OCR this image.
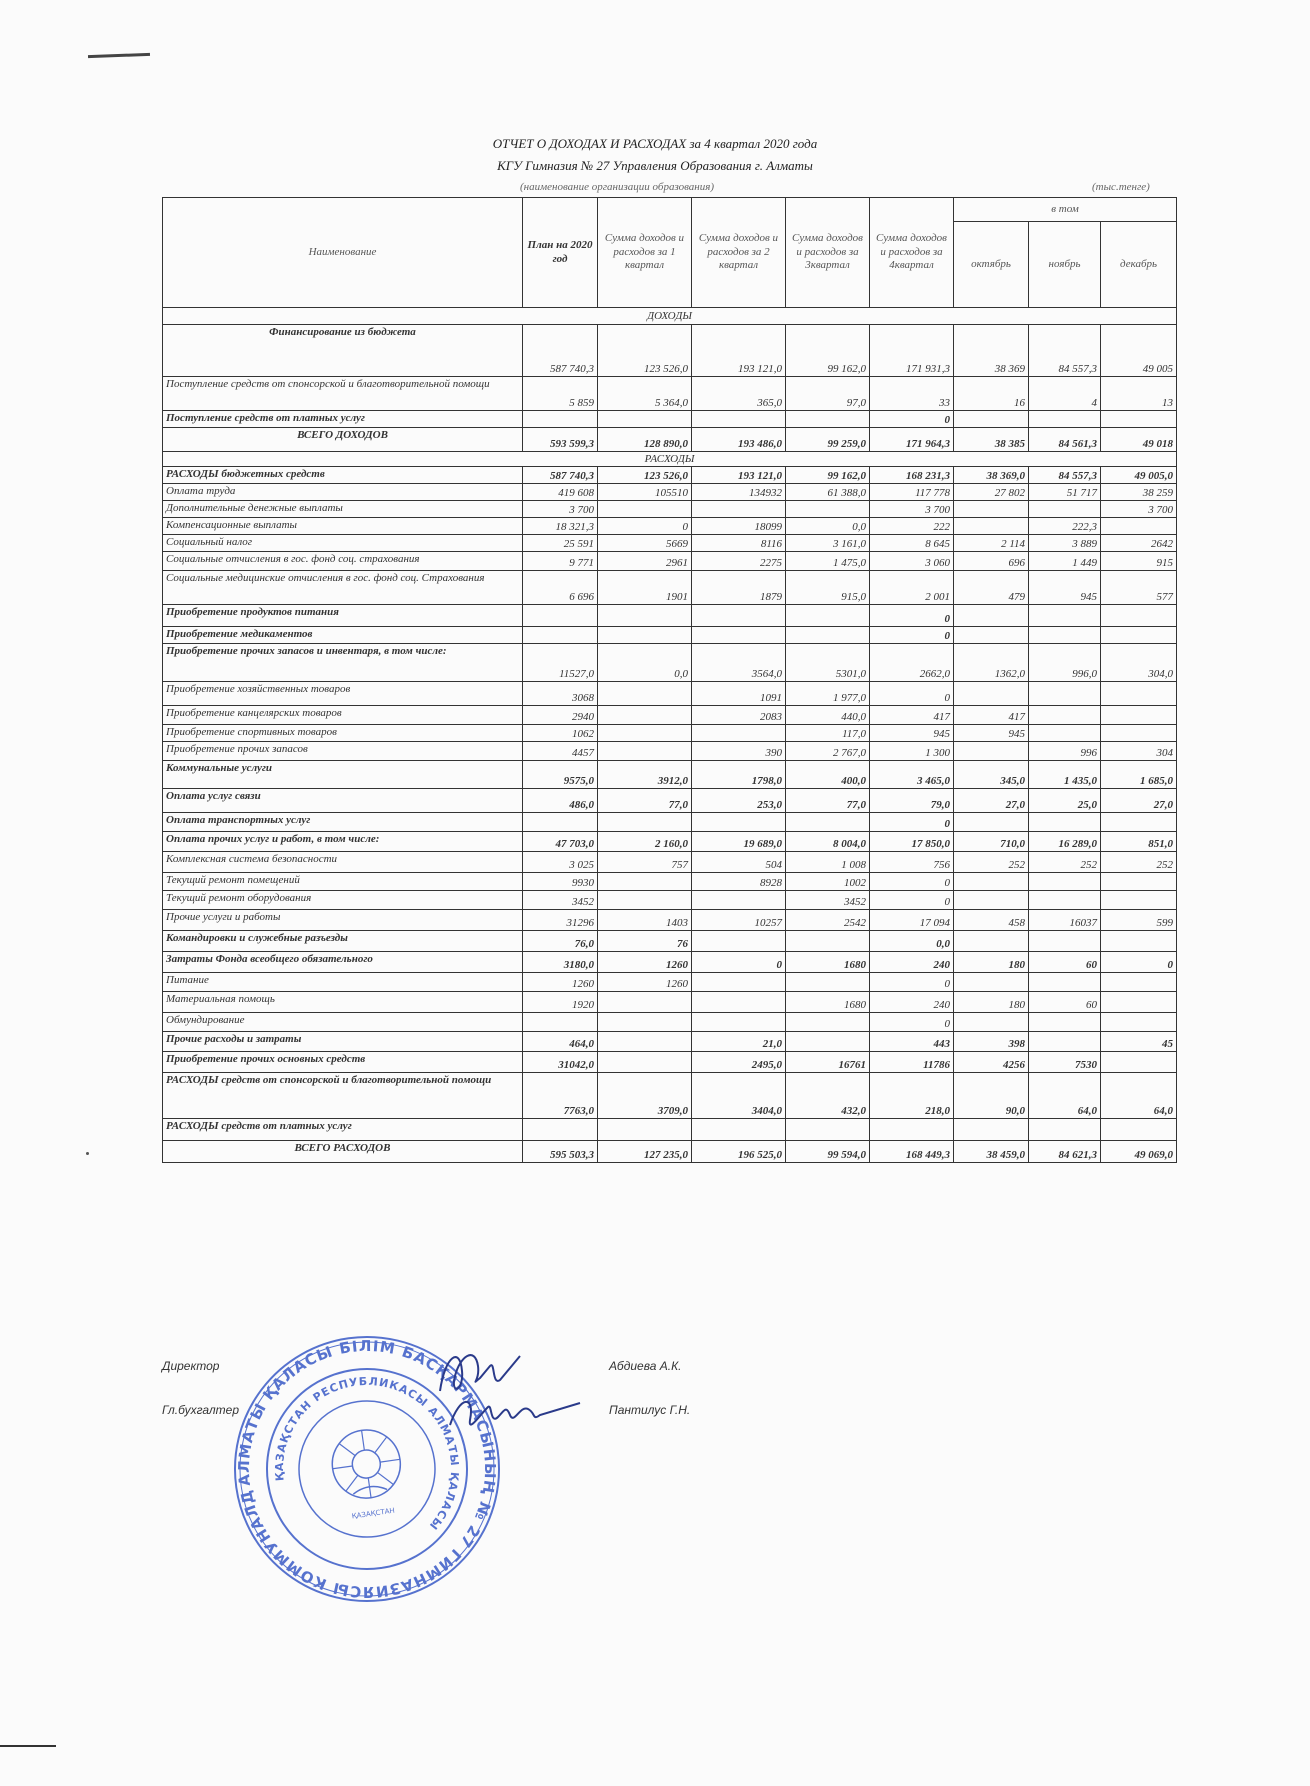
ОТЧЕТ О ДОХОДАХ И РАСХОДАХ за 4 квартал 2020 года
КГУ Гимназия № 27 Управления Образования г. Алматы
(наименование организации образования)	(тыс.тенге)
Наименование	План на 2020 год	Сумма доходов и расходов за 1 квартал	Сумма доходов и расходов за 2 квартал	Сумма доходов и расходов за 3квартал	Сумма доходов и расходов за 4квартал	в том		
						октябрь	ноябрь	декабрь
ДОХОДЫ								
Финансирование из бюджета	587 740,3	123 526,0	193 121,0	99 162,0	171 931,3	38 369	84 557,3	49 005
Поступление средств от спонсорской и благотворительной помощи	5 859	5 364,0	365,0	97,0	33	16	4	13
Поступление средств от платных услуг					0			
ВСЕГО ДОХОДОВ	593 599,3	128 890,0	193 486,0	99 259,0	171 964,3	38 385	84 561,3	49 018
РАСХОДЫ								
РАСХОДЫ бюджетных средств	587 740,3	123 526,0	193 121,0	99 162,0	168 231,3	38 369,0	84 557,3	49 005,0
Оплата труда	419 608	105510	134932	61 388,0	117 778	27 802	51 717	38 259
Дополнительные денежные выплаты	3 700				3 700			3 700
Компенсационные выплаты	18 321,3	0	18099	0,0	222		222,3	
Социальный налог	25 591	5669	8116	3 161,0	8 645	2 114	3 889	2642
Социальные отчисления в гос. фонд соц. страхования	9 771	2961	2275	1 475,0	3 060	696	1 449	915
Социальные медицинские отчисления в гос. фонд соц. Страхования	6 696	1901	1879	915,0	2 001	479	945	577
Приобретение продуктов питания					0			
Приобретение медикаментов					0			
Приобретение прочих запасов и инвентаря, в том числе:	11527,0	0,0	3564,0	5301,0	2662,0	1362,0	996,0	304,0
Приобретение хозяйственных товаров	3068		1091	1 977,0	0			
Приобретение канцелярских товаров	2940		2083	440,0	417	417		
Приобретение спортивных товаров	1062			117,0	945	945		
Приобретение прочих запасов	4457		390	2 767,0	1 300		996	304
Коммунальные услуги	9575,0	3912,0	1798,0	400,0	3 465,0	345,0	1 435,0	1 685,0
Оплата услуг связи	486,0	77,0	253,0	77,0	79,0	27,0	25,0	27,0
Оплата транспортных услуг					0			
Оплата прочих услуг и работ, в том числе:	47 703,0	2 160,0	19 689,0	8 004,0	17 850,0	710,0	16 289,0	851,0
Комплексная система безопасности	3 025	757	504	1 008	756	252	252	252
Текущий ремонт помещений	9930		8928	1002	0			
Текущий ремонт оборудования	3452			3452	0			
Прочие услуги и работы	31296	1403	10257	2542	17 094	458	16037	599
Командировки и служебные разъезды	76,0	76			0,0			
Затраты Фонда всеобщего обязательного	3180,0	1260	0	1680	240	180	60	0
Питание	1260	1260			0			
Материальная помощь	1920			1680	240	180	60	
Обмундирование					0			
Прочие расходы и затраты	464,0		21,0		443	398		45
Приобретение прочих основных средств	31042,0		2495,0	16761	11786	4256	7530	
РАСХОДЫ средств от спонсорской и благотворительной помощи	7763,0	3709,0	3404,0	432,0	218,0	90,0	64,0	64,0
РАСХОДЫ средств от платных услуг								
ВСЕГО РАСХОДОВ	595 503,3	127 235,0	196 525,0	99 594,0	168 449,3	38 459,0	84 621,3	49 069,0
Директор	Абдиева А.К.
Гл.бухгалтер	Пантилус Г.Н.
АЛМАТЫ ҚАЛАСЫ БІЛІМ БАСҚАРМАСЫНЫҢ № 27 ГИМНАЗИЯСЫ КОММУНАЛДЫҚ
ҚАЗАҚСТАН РЕСПУБЛИКАСЫ АЛМАТЫ ҚАЛАСЫ
ҚАЗАҚСТАН
